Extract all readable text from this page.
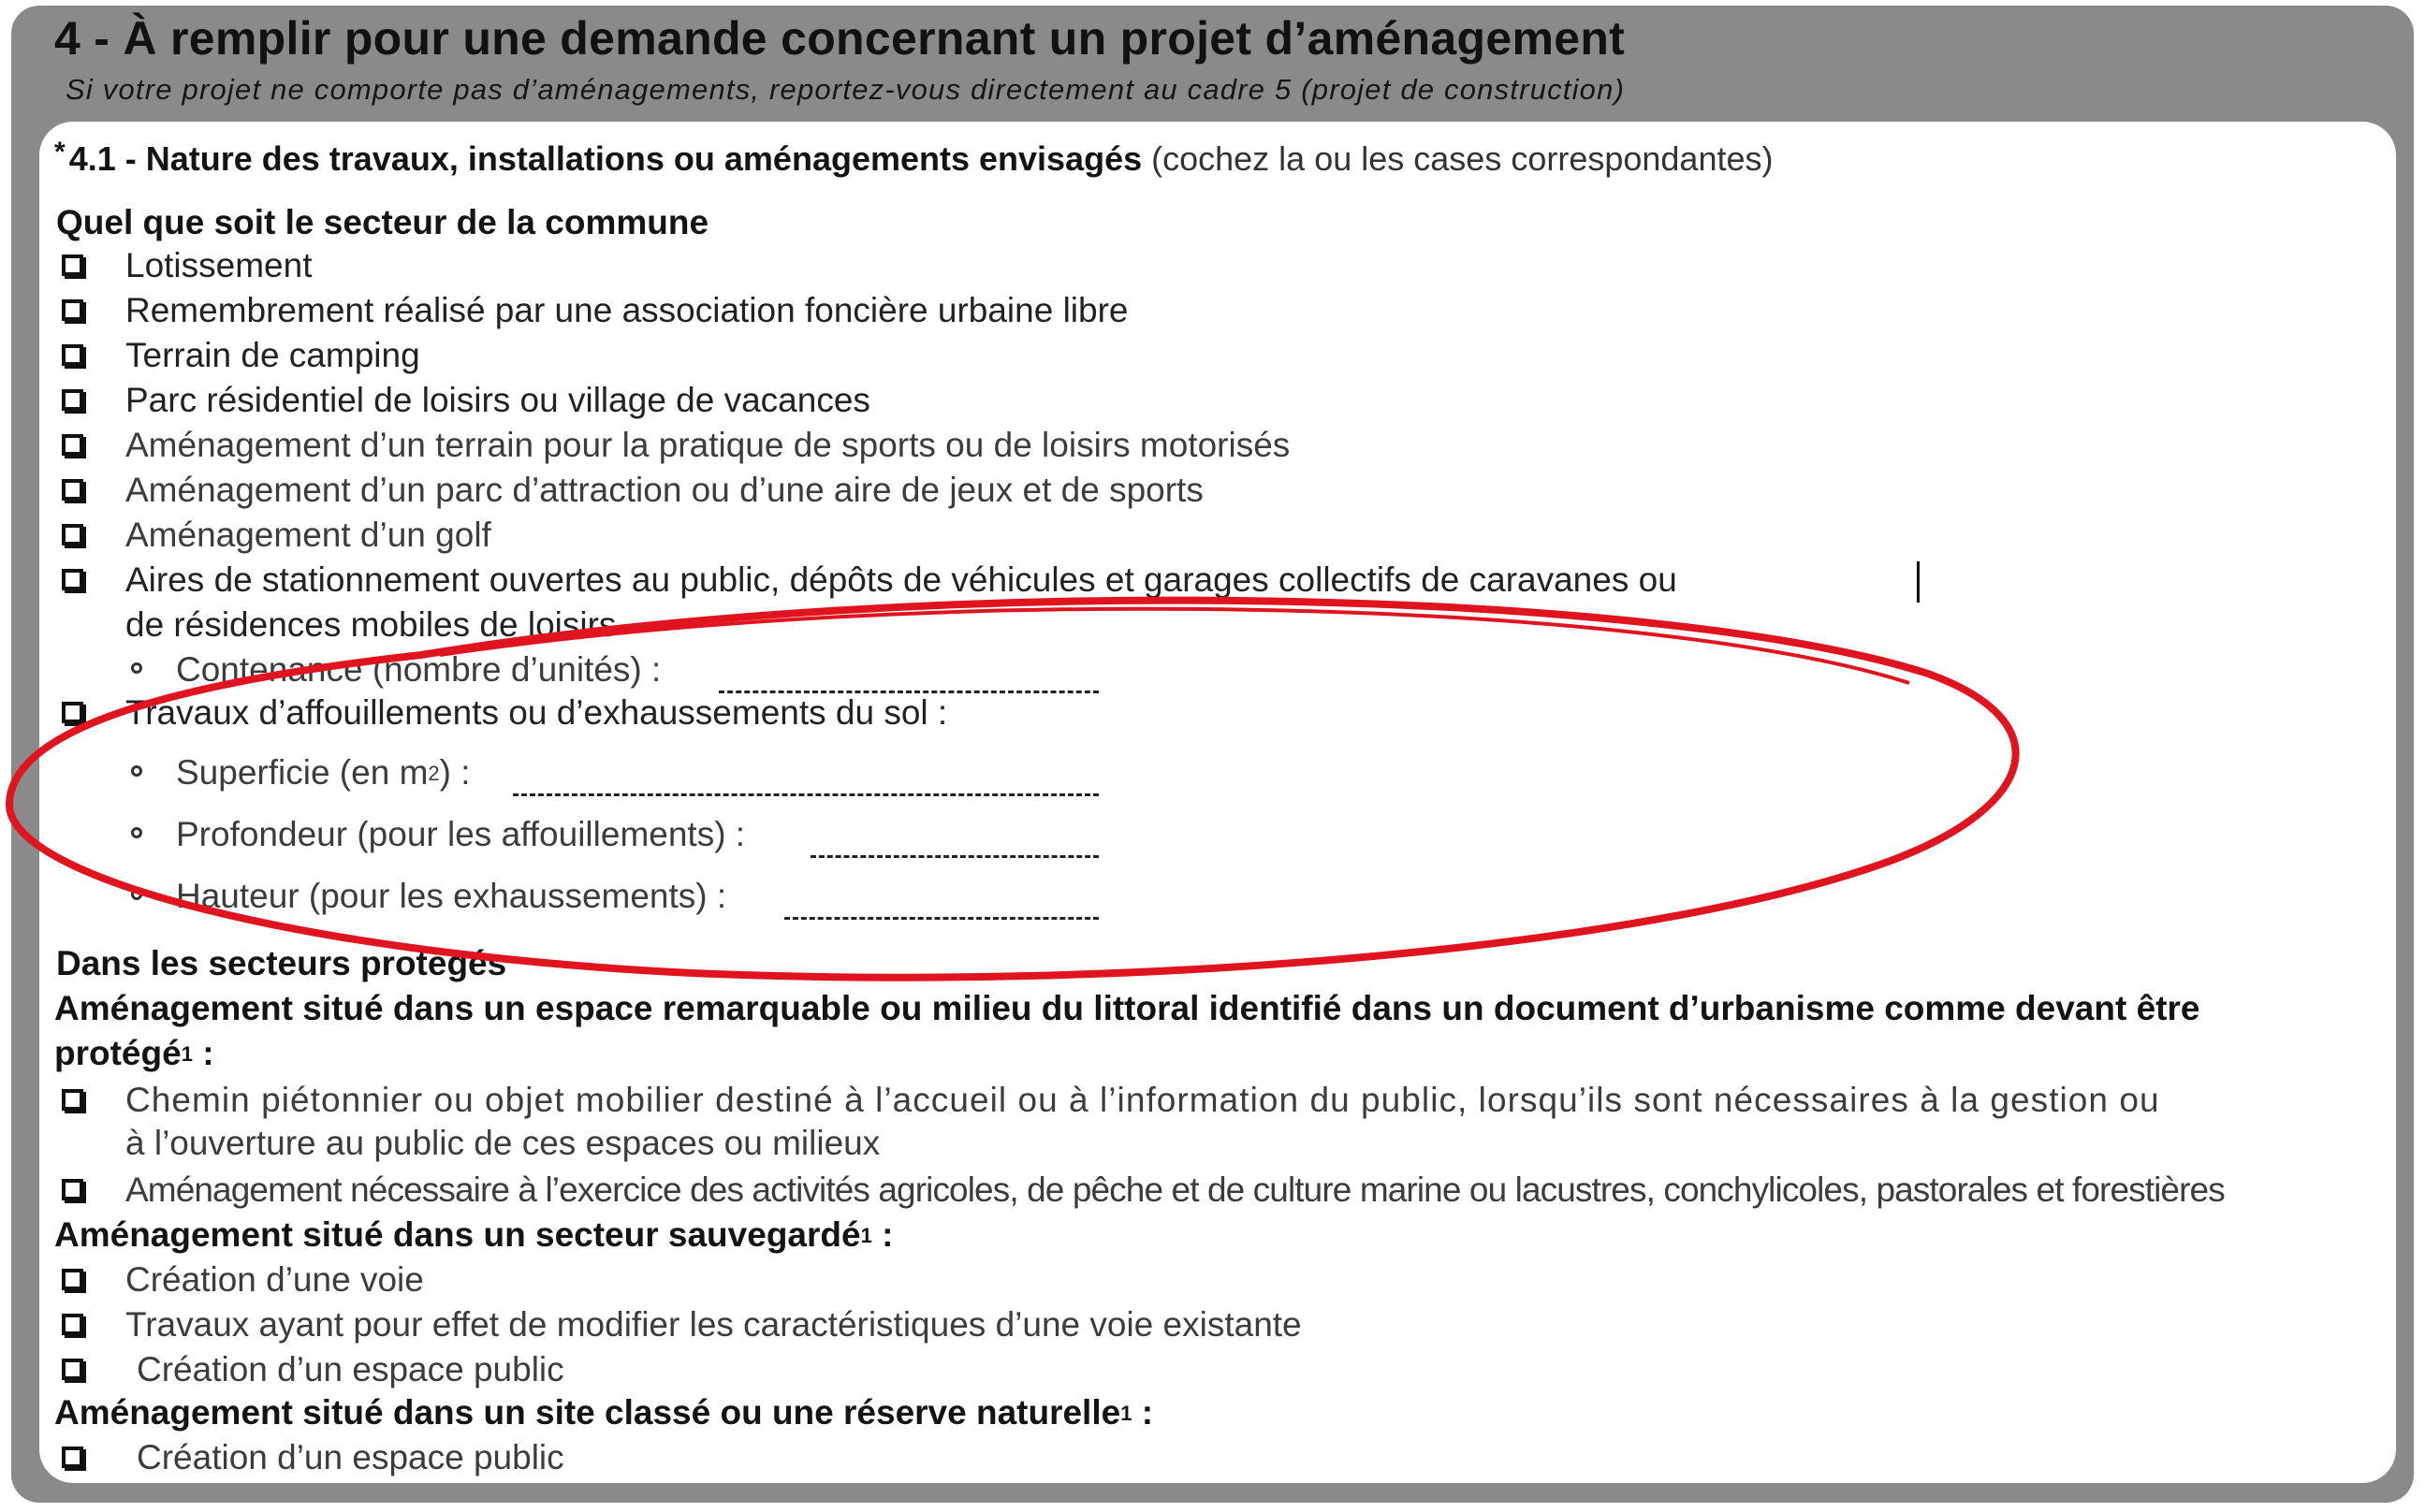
4 - À remplir pour une demande concernant un projet d’aménagement
Si votre projet ne comporte pas d’aménagements, reportez-vous directement au cadre 5 (projet de construction)
* 4.1 - Nature des travaux, installations ou aménagements envisagés (cochez la ou les cases correspondantes)
Quel que soit le secteur de la commune
Lotissement
Remembrement réalisé par une association foncière urbaine libre
Terrain de camping
Parc résidentiel de loisirs ou village de vacances
Aménagement d’un terrain pour la pratique de sports ou de loisirs motorisés
Aménagement d’un parc d’attraction ou d’une aire de jeux et de sports
Aménagement d’un golf
Aires de stationnement ouvertes au public, dépôts de véhicules et garages collectifs de caravanes ou
de résidences mobiles de loisirs
Contenance (nombre d’unités) :
Travaux d’affouillements ou d’exhaussements du sol :
Superficie (en $m^2$) :
Profondeur (pour les affouillements) :
Hauteur (pour les exhaussements) :
Dans les secteurs protégés
Aménagement situé dans un espace remarquable ou milieu du littoral identifié dans un document d’urbanisme comme devant être
protégé$^1$ :
Chemin piétonnier ou objet mobilier destiné à l’accueil ou à l’information du public, lorsqu’ils sont nécessaires à la gestion ou
à l’ouverture au public de ces espaces ou milieux
Aménagement nécessaire à l’exercice des activités agricoles, de pêche et de culture marine ou lacustres, conchylicoles, pastorales et forestières
Aménagement situé dans un secteur sauvegardé$^1$ :
Création d’une voie
Travaux ayant pour effet de modifier les caractéristiques d’une voie existante
Création d’un espace public
Aménagement situé dans un site classé ou une réserve naturelle$^1$ :
Création d’un espace public
